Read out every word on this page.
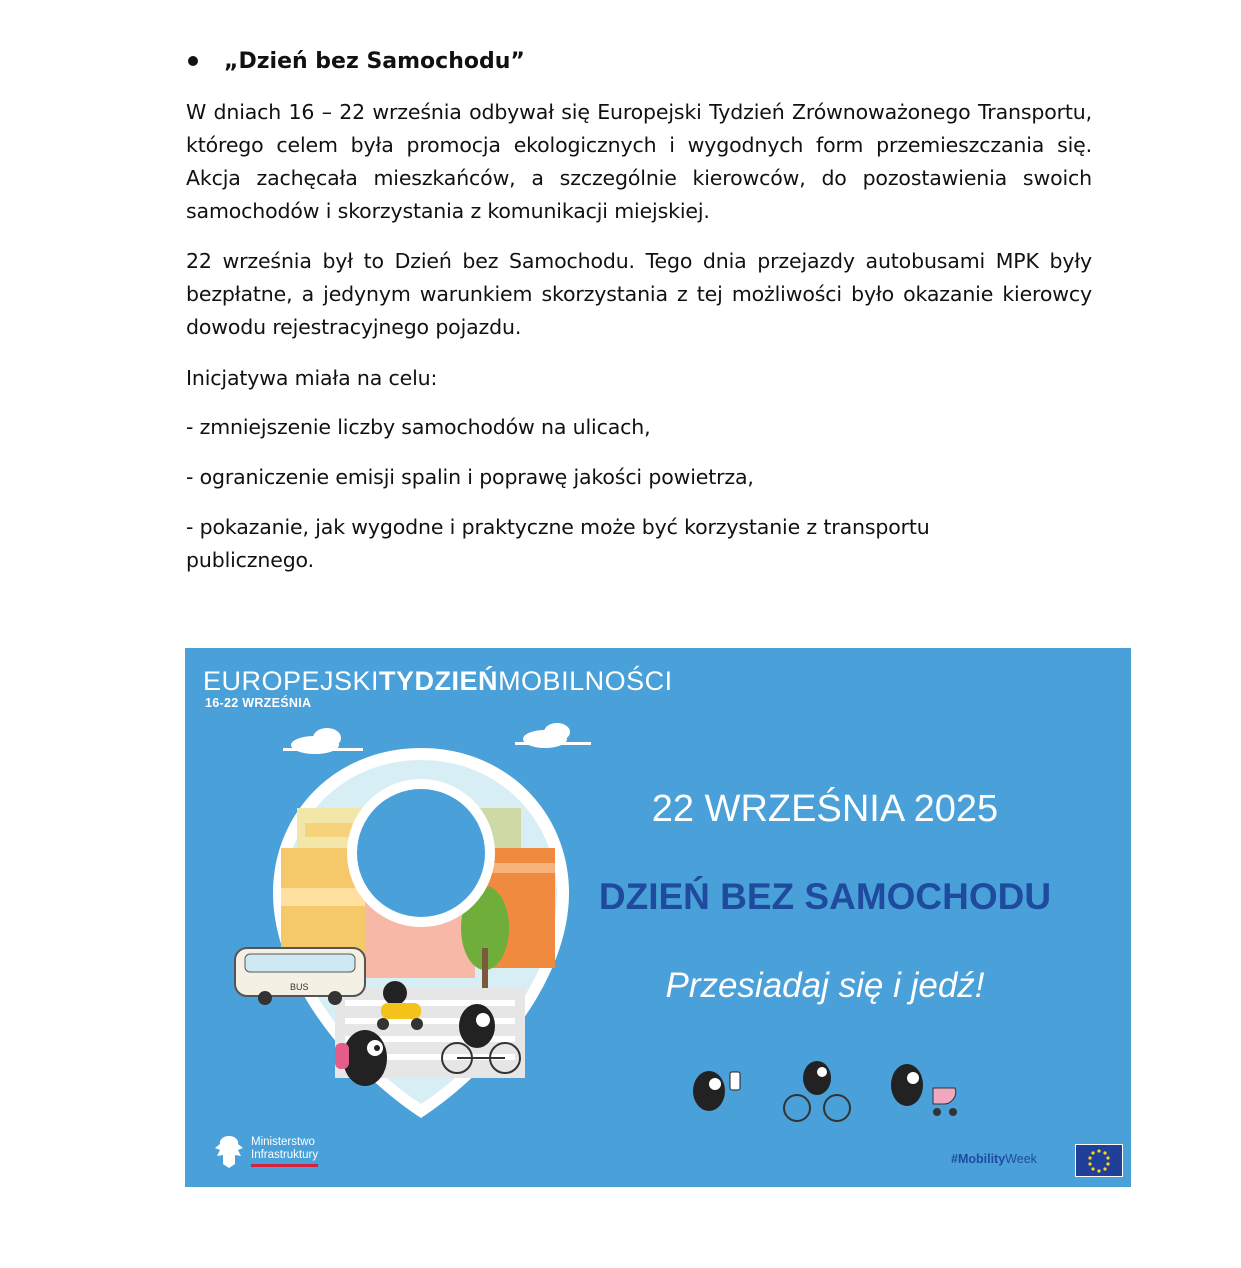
„Dzień bez Samochodu”

W dniach 16 – 22 września odbywał się Europejski Tydzień Zrównoważonego Transportu, którego celem była promocja ekologicznych i wygodnych form przemieszczania się. Akcja zachęcała mieszkańców, a szczególnie kierowców, do pozostawienia swoich samochodów i skorzystania z komunikacji miejskiej.

22 września był to Dzień bez Samochodu. Tego dnia przejazdy autobusami MPK były bezpłatne, a jedynym warunkiem skorzystania z tej możliwości było okazanie kierowcy dowodu rejestracyjnego pojazdu.

Inicjatywa miała na celu:

- zmniejszenie liczby samochodów na ulicach,

- ograniczenie emisji spalin i poprawę jakości powietrza,

- pokazanie, jak wygodne i praktyczne może być korzystanie z transportu publicznego.

EUROPEJSKITYDZIEŃMOBILNOŚCI
16-22 WRZEŚNIA
BUS
22 WRZEŚNIA 2025
DZIEŃ BEZ SAMOCHODU
Przesiadaj się i jedź!
Ministerstwo
Infrastruktury	#MobilityWeek
